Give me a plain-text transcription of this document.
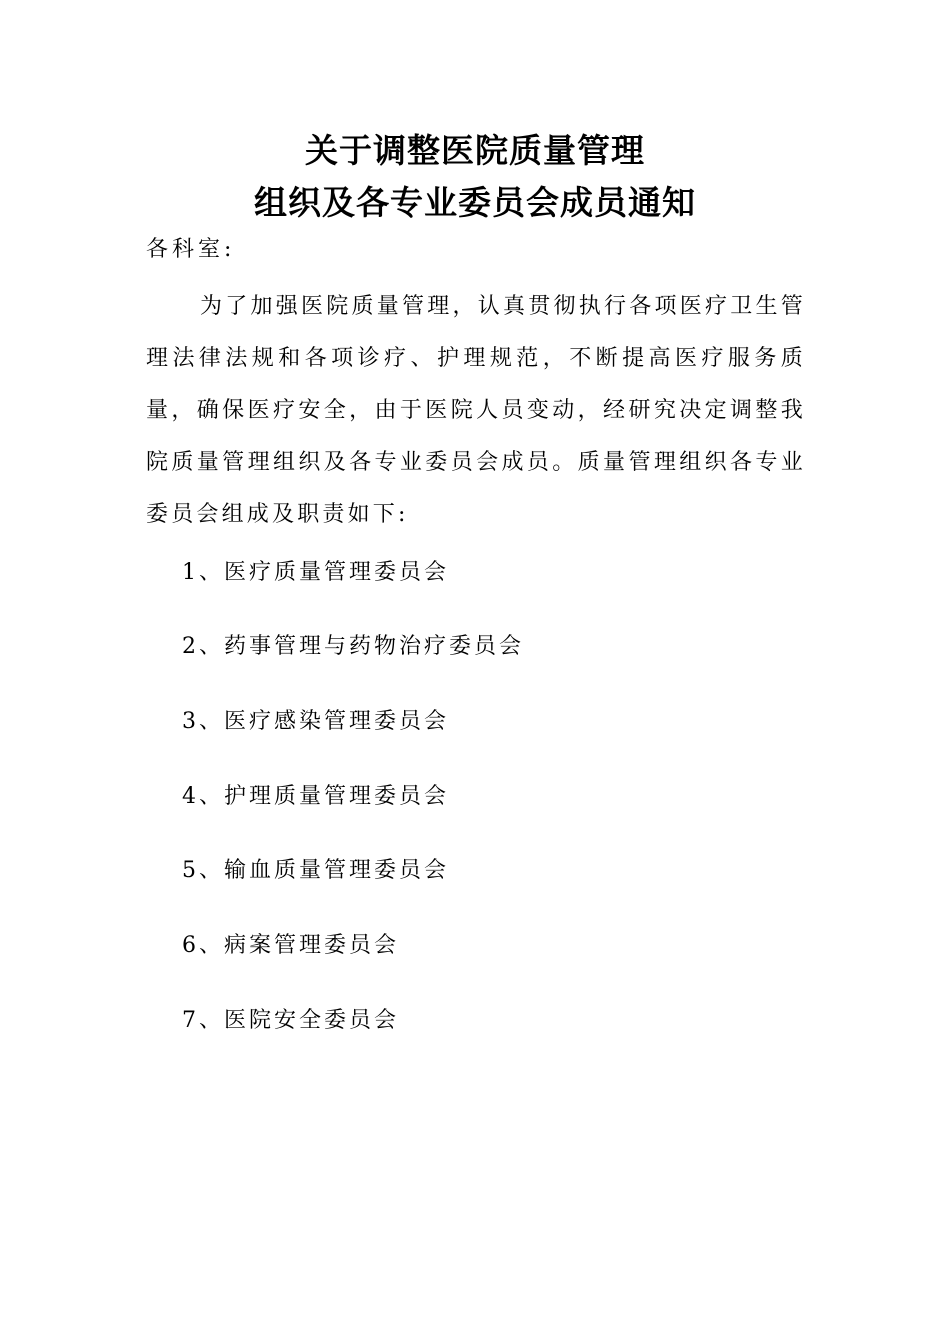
关于调整医院质量管理
组织及各专业委员会成员通知
各科室:

为了加强医院质量管理，认真贯彻执行各项医疗卫生管理法律法规和各项诊疗、护理规范，不断提高医疗服务质量，确保医疗安全，由于医院人员变动，经研究决定调整我院质量管理组织及各专业委员会成员。质量管理组织各专业委员会组成及职责如下:

1、医疗质量管理委员会
2、药事管理与药物治疗委员会
3、医疗感染管理委员会
4、护理质量管理委员会
5、输血质量管理委员会
6、病案管理委员会
7、医院安全委员会
